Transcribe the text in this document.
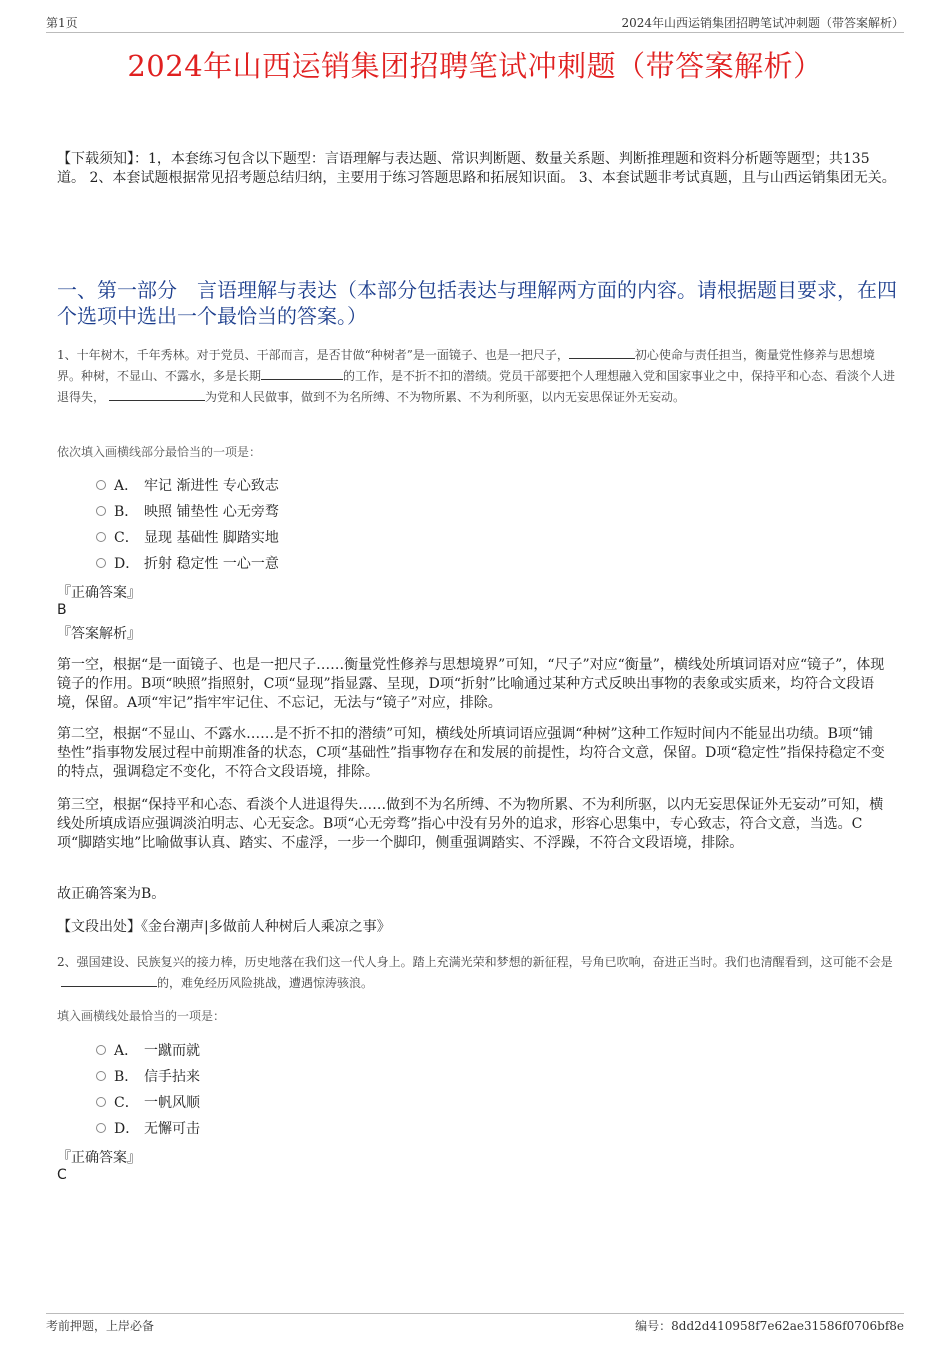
第1页	2024年山西运销集团招聘笔试冲刺题（带答案解析）
2024年山西运销集团招聘笔试冲刺题（带答案解析）
【下载须知】：1，本套练习包含以下题型：言语理解与表达题、常识判断题、数量关系题、判断推理题和资料分析题等题型；共135道。 2、本套试题根据常见招考题总结归纳，主要用于练习答题思路和拓展知识面。 3、本套试题非考试真题，且与山西运销集团无关。
一、第一部分　言语理解与表达（本部分包括表达与理解两方面的内容。请根据题目要求，在四个选项中选出一个最恰当的答案。）
1、十年树木，千年秀林。对于党员、干部而言，是否甘做“种树者”是一面镜子、也是一把尺子，	初心使命与责任担当，衡量党性修养与思想境界。种树，不显山、不露水，多是长期	的工作，是不折不扣的潜绩。党员干部要把个人理想融入党和国家事业之中，保持平和心态、看淡个人进退得失，	为党和人民做事，做到不为名所缚、不为物所累、不为利所驱，以内无妄思保证外无妄动。
依次填入画横线部分最恰当的一项是：
A． 牢记 渐进性 专心致志
B． 映照 铺垫性 心无旁骛
C． 显现 基础性 脚踏实地
D． 折射 稳定性 一心一意
『正确答案』
B
『答案解析』
第一空，根据“是一面镜子、也是一把尺子……衡量党性修养与思想境界”可知，“尺子”对应“衡量”，横线处所填词语对应“镜子”，体现镜子的作用。B项“映照”指照射，C项“显现”指显露、呈现，D项“折射”比喻通过某种方式反映出事物的表象或实质来，均符合文段语境，保留。A项“牢记”指牢牢记住、不忘记，无法与“镜子”对应，排除。
第二空，根据“不显山、不露水……是不折不扣的潜绩”可知，横线处所填词语应强调“种树”这种工作短时间内不能显出功绩。B项“铺垫性”指事物发展过程中前期准备的状态，C项“基础性”指事物存在和发展的前提性，均符合文意，保留。D项“稳定性”指保持稳定不变的特点，强调稳定不变化，不符合文段语境，排除。
第三空，根据“保持平和心态、看淡个人进退得失……做到不为名所缚、不为物所累、不为利所驱，以内无妄思保证外无妄动”可知，横线处所填成语应强调淡泊明志、心无妄念。B项“心无旁骛”指心中没有另外的追求，形容心思集中，专心致志，符合文意，当选。C项“脚踏实地”比喻做事认真、踏实、不虚浮，一步一个脚印，侧重强调踏实、不浮躁，不符合文段语境，排除。
故正确答案为B。
【文段出处】《金台潮声|多做前人种树后人乘凉之事》
2、强国建设、民族复兴的接力棒，历史地落在我们这一代人身上。踏上充满光荣和梦想的新征程，号角已吹响，奋进正当时。我们也清醒看到，这可能不会是的，难免经历风险挑战，遭遇惊涛骇浪。
填入画横线处最恰当的一项是：
A． 一蹴而就
B． 信手拈来
C． 一帆风顺
D． 无懈可击
『正确答案』
C
考前押题，上岸必备	编号：8dd2d410958f7e62ae31586f0706bf8e
